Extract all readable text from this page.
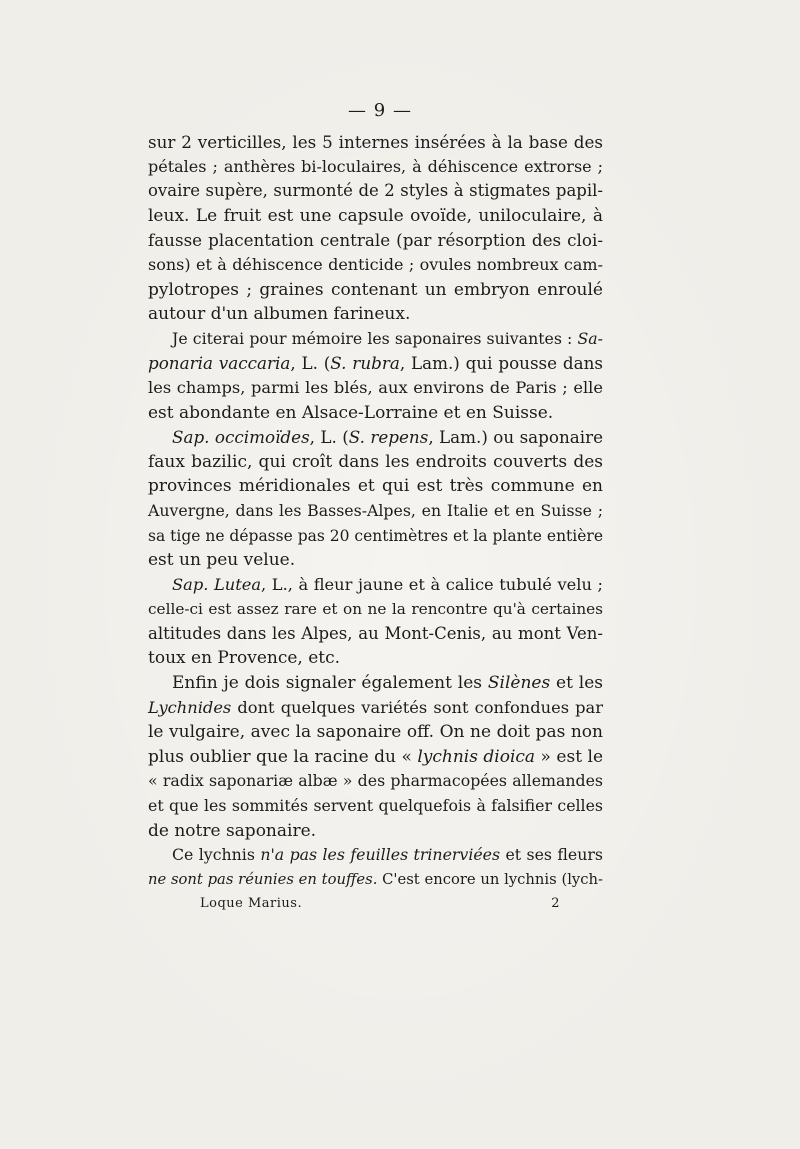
— 9 —
sur 2 verticilles, les 5 internes insérées à la base des
pétales ; anthères bi-loculaires, à déhiscence extrorse ;
ovaire supère, surmonté de 2 styles à stigmates papil-
leux. Le fruit est une capsule ovoïde, uniloculaire, à
fausse placentation centrale (par résorption des cloi-
sons) et à déhiscence denticide ; ovules nombreux cam-
pylotropes ; graines contenant un embryon enroulé
autour d'un albumen farineux.
Je citerai pour mémoire les saponaires suivantes : Sa-
ponaria vaccaria, L. (S. rubra, Lam.) qui pousse dans
les champs, parmi les blés, aux environs de Paris ; elle
est abondante en Alsace-Lorraine et en Suisse.
Sap. occimoïdes, L. (S. repens, Lam.) ou saponaire
faux bazilic, qui croît dans les endroits couverts des
provinces méridionales et qui est très commune en
Auvergne, dans les Basses-Alpes, en Italie et en Suisse ;
sa tige ne dépasse pas 20 centimètres et la plante entière
est un peu velue.
Sap. Lutea, L., à fleur jaune et à calice tubulé velu ;
celle-ci est assez rare et on ne la rencontre qu'à certaines
altitudes dans les Alpes, au Mont-Cenis, au mont Ven-
toux en Provence, etc.
Enfin je dois signaler également les Silènes et les
Lychnides dont quelques variétés sont confondues par
le vulgaire, avec la saponaire off. On ne doit pas non
plus oublier que la racine du « lychnis dioica » est le
« radix saponariæ albæ » des pharmacopées allemandes
et que les sommités servent quelquefois à falsifier celles
de notre saponaire.
Ce lychnis n'a pas les feuilles trinerviées et ses fleurs
ne sont pas réunies en touffes. C'est encore un lychnis (lych-
Loque Marius.	2
